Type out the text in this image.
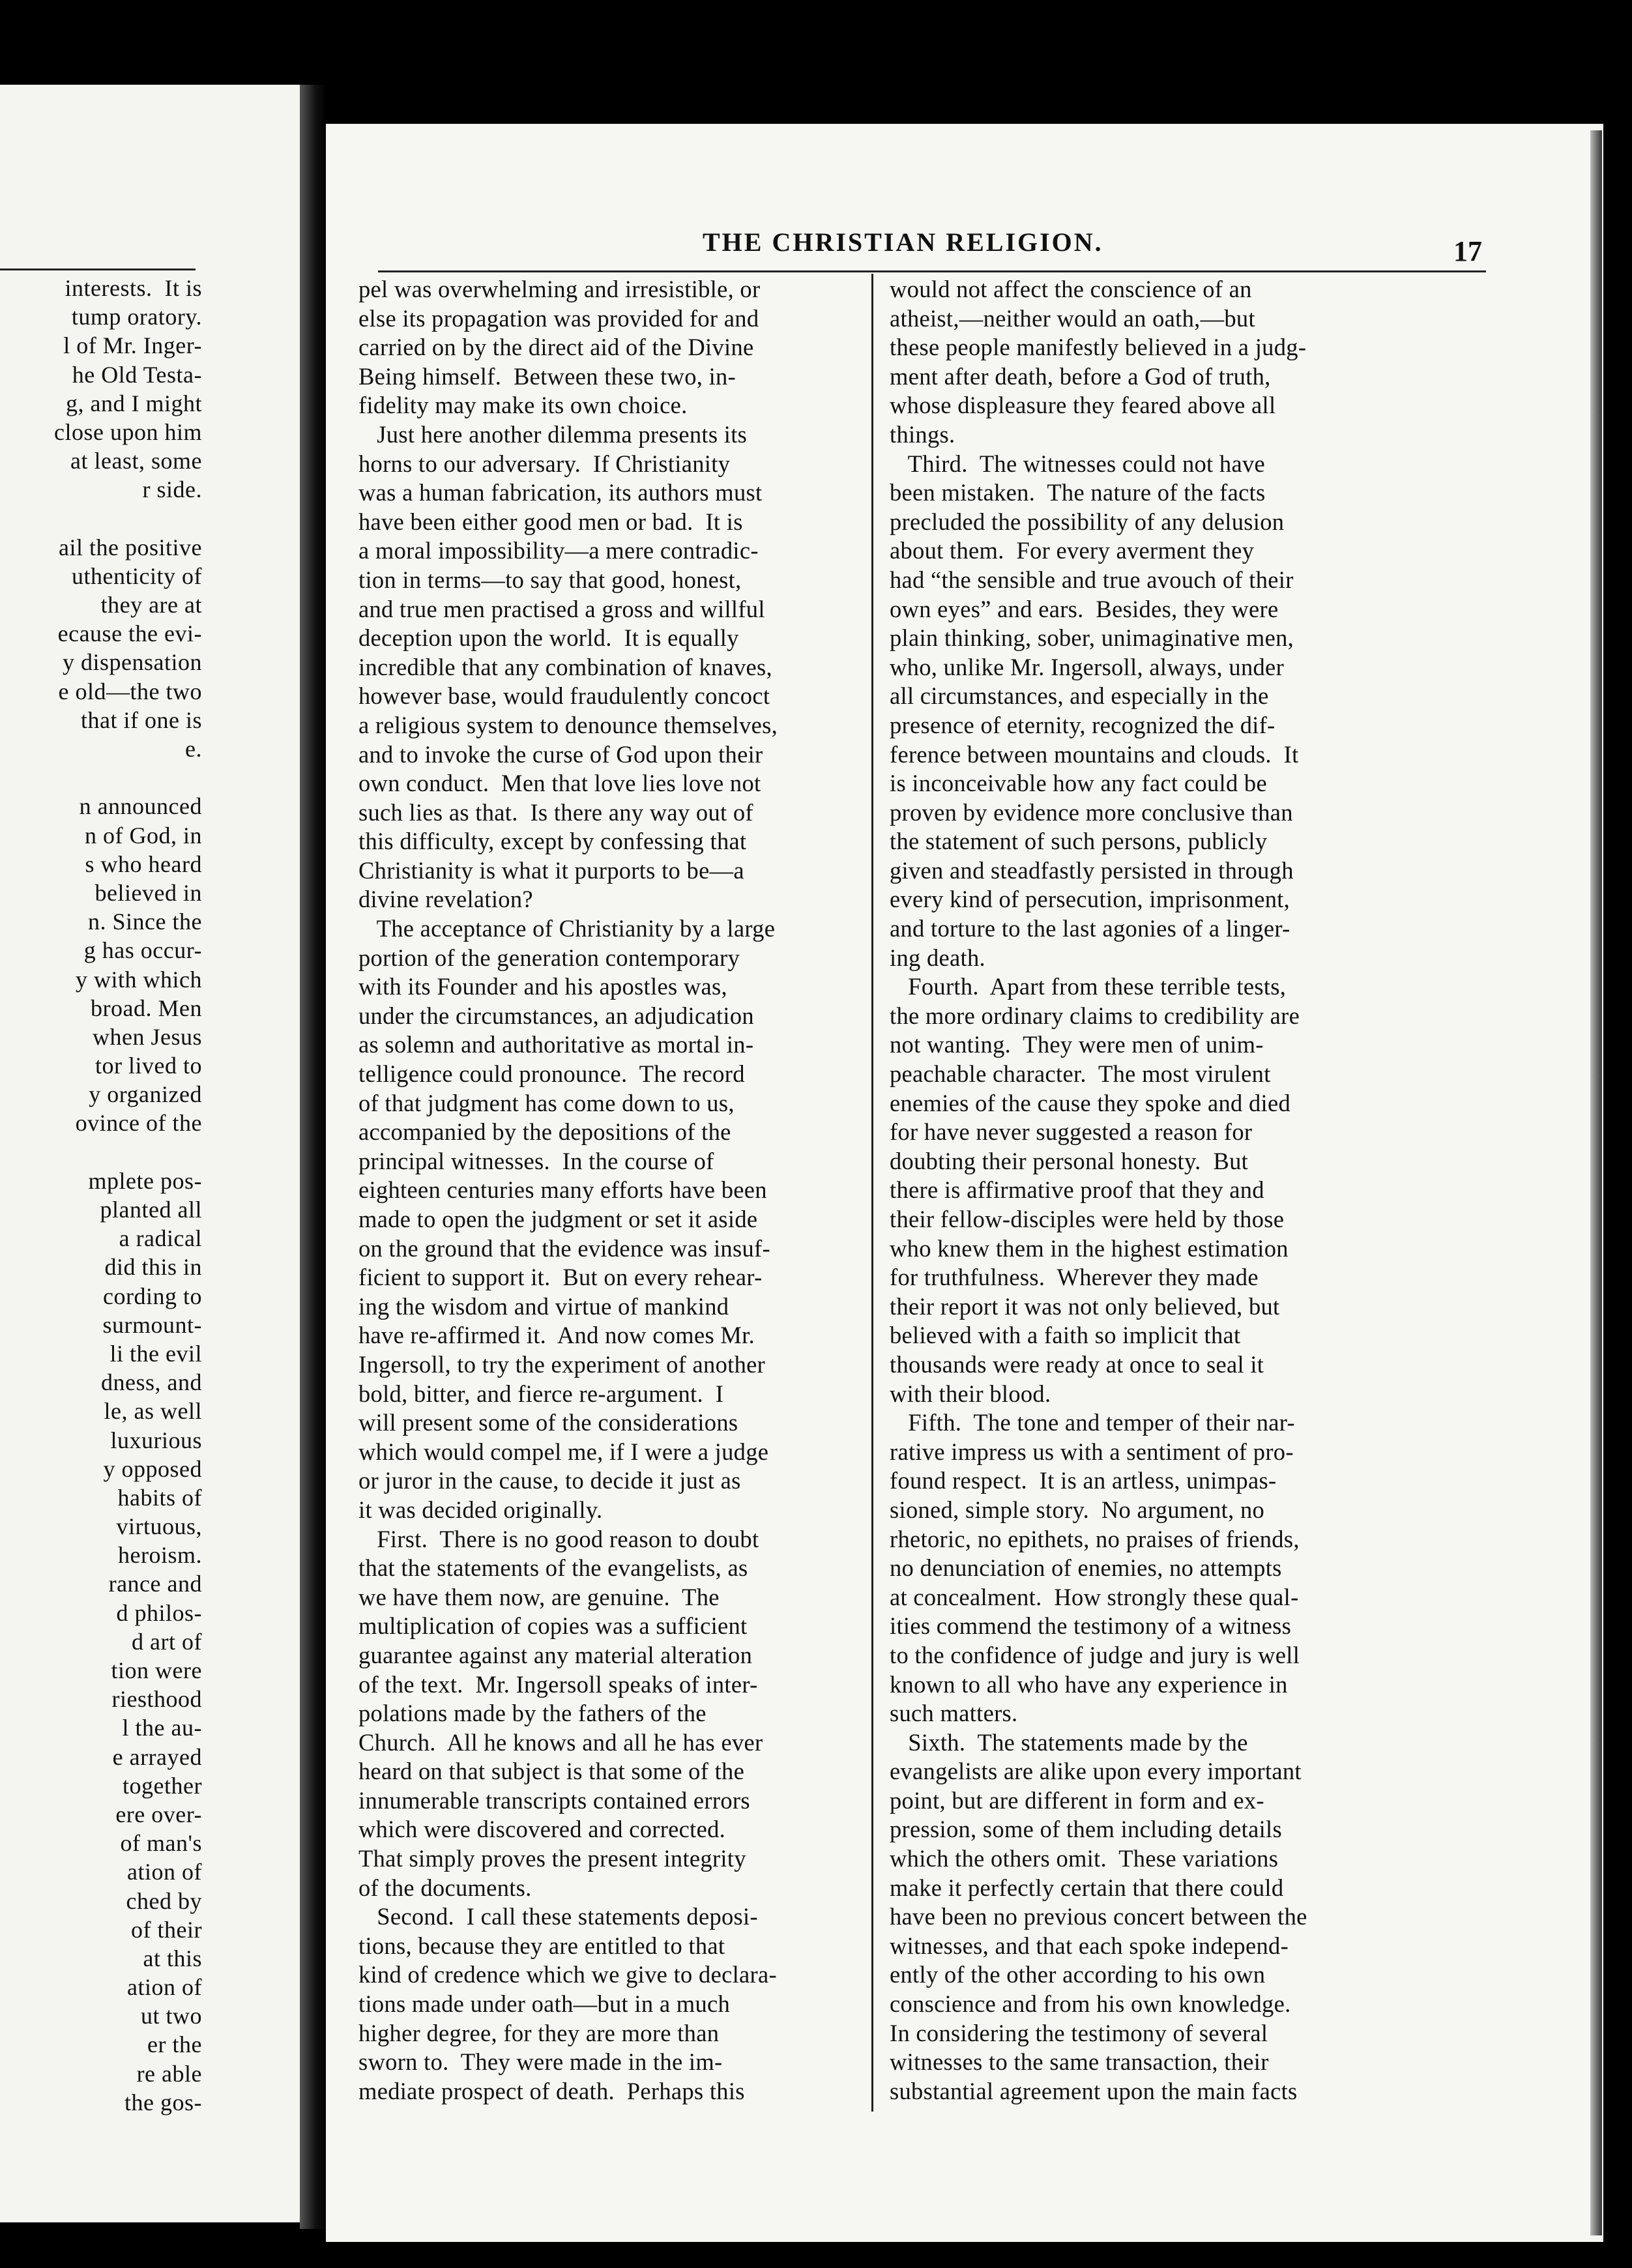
interests.  It is
tump oratory.
l of Mr. Inger-
he Old Testa-
g, and I might
close upon him
at least, some
r side.
ail the positive
uthenticity of
they are at
ecause the evi-
y dispensation
e old—the two
that if one is
e.
n announced
n of God, in
s who heard
believed in
n. Since the
g has occur-
y with which
broad. Men
when Jesus
tor lived to
y organized
ovince of the
mplete pos-
planted all
a radical
did this in
cording to
surmount-
li the evil
dness, and
le, as well
luxurious
y opposed
habits of
virtuous,
heroism.
rance and
d philos-
d art of
tion were
riesthood
l the au-
e arrayed
together
ere over-
of man's
ation of
ched by
of their
at this
ation of
ut two
er the
re able
the gos-
THE CHRISTIAN RELIGION.	17
pel was overwhelming and irresistible, or
else its propagation was provided for and
carried on by the direct aid of the Divine
Being himself.  Between these two, in-
fidelity may make its own choice.
Just here another dilemma presents its
horns to our adversary.  If Christianity
was a human fabrication, its authors must
have been either good men or bad.  It is
a moral impossibility—a mere contradic-
tion in terms—to say that good, honest,
and true men practised a gross and willful
deception upon the world.  It is equally
incredible that any combination of knaves,
however base, would fraudulently concoct
a religious system to denounce themselves,
and to invoke the curse of God upon their
own conduct.  Men that love lies love not
such lies as that.  Is there any way out of
this difficulty, except by confessing that
Christianity is what it purports to be—a
divine revelation?
The acceptance of Christianity by a large
portion of the generation contemporary
with its Founder and his apostles was,
under the circumstances, an adjudication
as solemn and authoritative as mortal in-
telligence could pronounce.  The record
of that judgment has come down to us,
accompanied by the depositions of the
principal witnesses.  In the course of
eighteen centuries many efforts have been
made to open the judgment or set it aside
on the ground that the evidence was insuf-
ficient to support it.  But on every rehear-
ing the wisdom and virtue of mankind
have re-affirmed it.  And now comes Mr.
Ingersoll, to try the experiment of another
bold, bitter, and fierce re-argument.  I
will present some of the considerations
which would compel me, if I were a judge
or juror in the cause, to decide it just as
it was decided originally.
First.  There is no good reason to doubt
that the statements of the evangelists, as
we have them now, are genuine.  The
multiplication of copies was a sufficient
guarantee against any material alteration
of the text.  Mr. Ingersoll speaks of inter-
polations made by the fathers of the
Church.  All he knows and all he has ever
heard on that subject is that some of the
innumerable transcripts contained errors
which were discovered and corrected.
That simply proves the present integrity
of the documents.
Second.  I call these statements deposi-
tions, because they are entitled to that
kind of credence which we give to declara-
tions made under oath—but in a much
higher degree, for they are more than
sworn to.  They were made in the im-
mediate prospect of death.  Perhaps this
would not affect the conscience of an
atheist,—neither would an oath,—but
these people manifestly believed in a judg-
ment after death, before a God of truth,
whose displeasure they feared above all
things.
Third.  The witnesses could not have
been mistaken.  The nature of the facts
precluded the possibility of any delusion
about them.  For every averment they
had “the sensible and true avouch of their
own eyes” and ears.  Besides, they were
plain thinking, sober, unimaginative men,
who, unlike Mr. Ingersoll, always, under
all circumstances, and especially in the
presence of eternity, recognized the dif-
ference between mountains and clouds.  It
is inconceivable how any fact could be
proven by evidence more conclusive than
the statement of such persons, publicly
given and steadfastly persisted in through
every kind of persecution, imprisonment,
and torture to the last agonies of a linger-
ing death.
Fourth.  Apart from these terrible tests,
the more ordinary claims to credibility are
not wanting.  They were men of unim-
peachable character.  The most virulent
enemies of the cause they spoke and died
for have never suggested a reason for
doubting their personal honesty.  But
there is affirmative proof that they and
their fellow-disciples were held by those
who knew them in the highest estimation
for truthfulness.  Wherever they made
their report it was not only believed, but
believed with a faith so implicit that
thousands were ready at once to seal it
with their blood.
Fifth.  The tone and temper of their nar-
rative impress us with a sentiment of pro-
found respect.  It is an artless, unimpas-
sioned, simple story.  No argument, no
rhetoric, no epithets, no praises of friends,
no denunciation of enemies, no attempts
at concealment.  How strongly these qual-
ities commend the testimony of a witness
to the confidence of judge and jury is well
known to all who have any experience in
such matters.
Sixth.  The statements made by the
evangelists are alike upon every important
point, but are different in form and ex-
pression, some of them including details
which the others omit.  These variations
make it perfectly certain that there could
have been no previous concert between the
witnesses, and that each spoke independ-
ently of the other according to his own
conscience and from his own knowledge.
In considering the testimony of several
witnesses to the same transaction, their
substantial agreement upon the main facts
